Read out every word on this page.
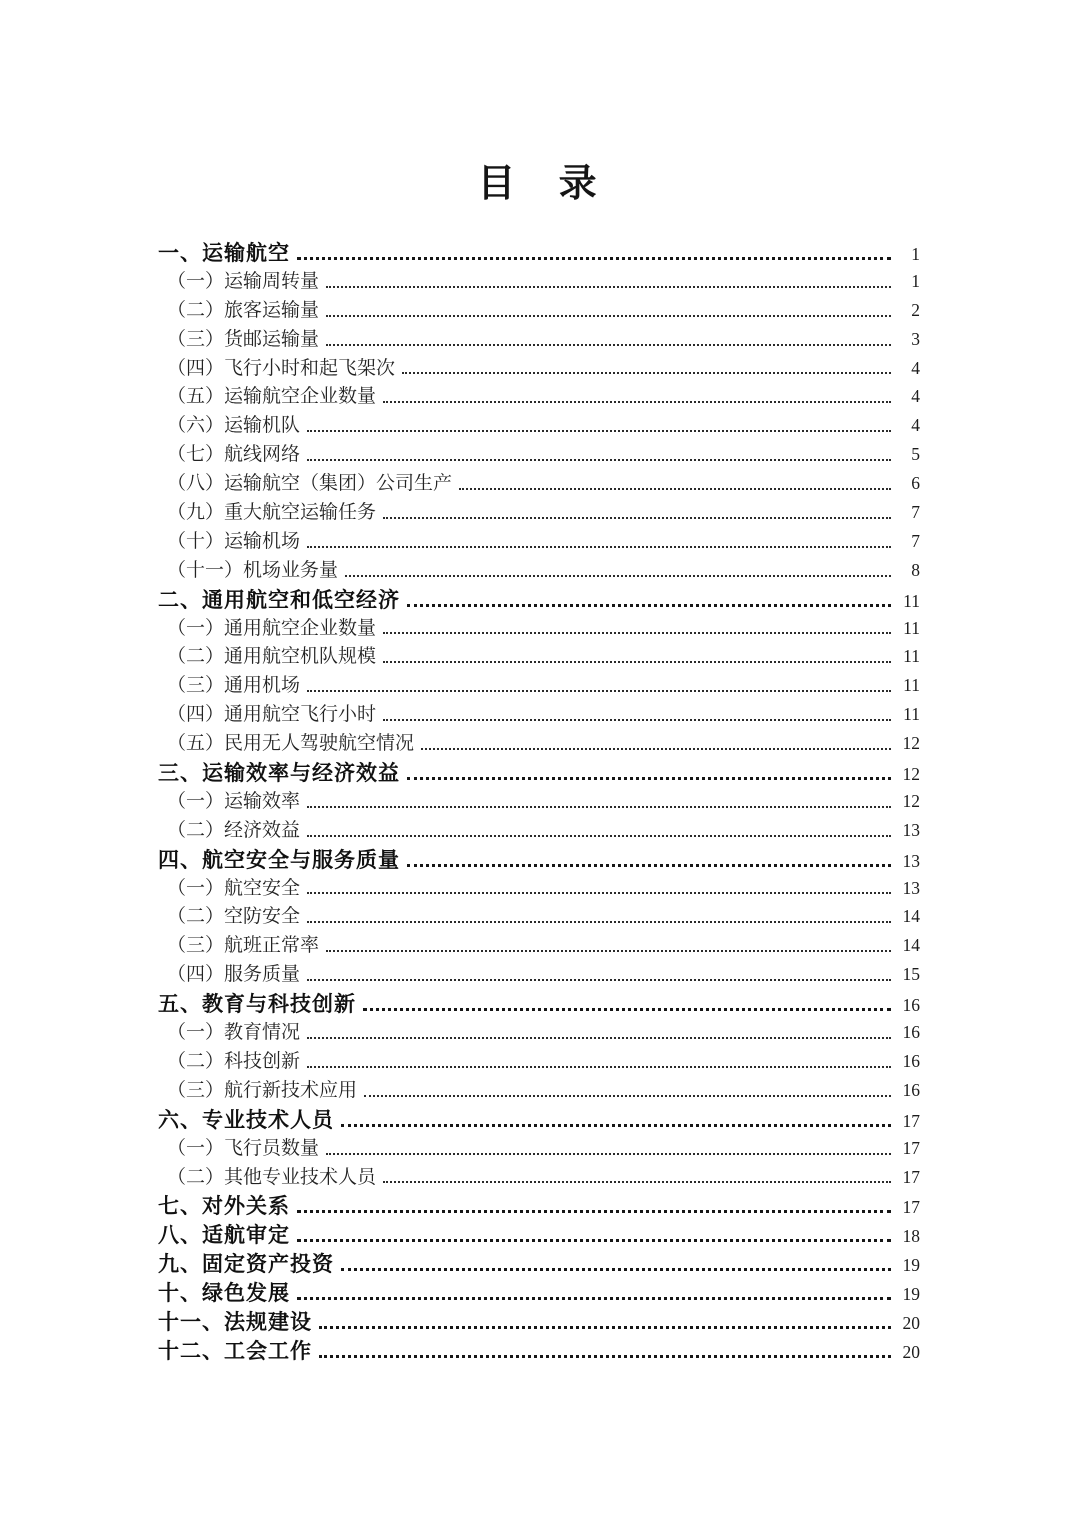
目 录
一、运输航空	1
（一）运输周转量	1
（二）旅客运输量	2
（三）货邮运输量	3
（四）飞行小时和起飞架次	4
（五）运输航空企业数量	4
（六）运输机队	4
（七）航线网络	5
（八）运输航空（集团）公司生产	6
（九）重大航空运输任务	7
（十）运输机场	7
（十一）机场业务量	8
二、通用航空和低空经济	11
（一）通用航空企业数量	11
（二）通用航空机队规模	11
（三）通用机场	11
（四）通用航空飞行小时	11
（五）民用无人驾驶航空情况	12
三、运输效率与经济效益	12
（一）运输效率	12
（二）经济效益	13
四、航空安全与服务质量	13
（一）航空安全	13
（二）空防安全	14
（三）航班正常率	14
（四）服务质量	15
五、教育与科技创新	16
（一）教育情况	16
（二）科技创新	16
（三）航行新技术应用	16
六、专业技术人员	17
（一）飞行员数量	17
（二）其他专业技术人员	17
七、对外关系	17
八、适航审定	18
九、固定资产投资	19
十、绿色发展	19
十一、法规建设	20
十二、工会工作	20
